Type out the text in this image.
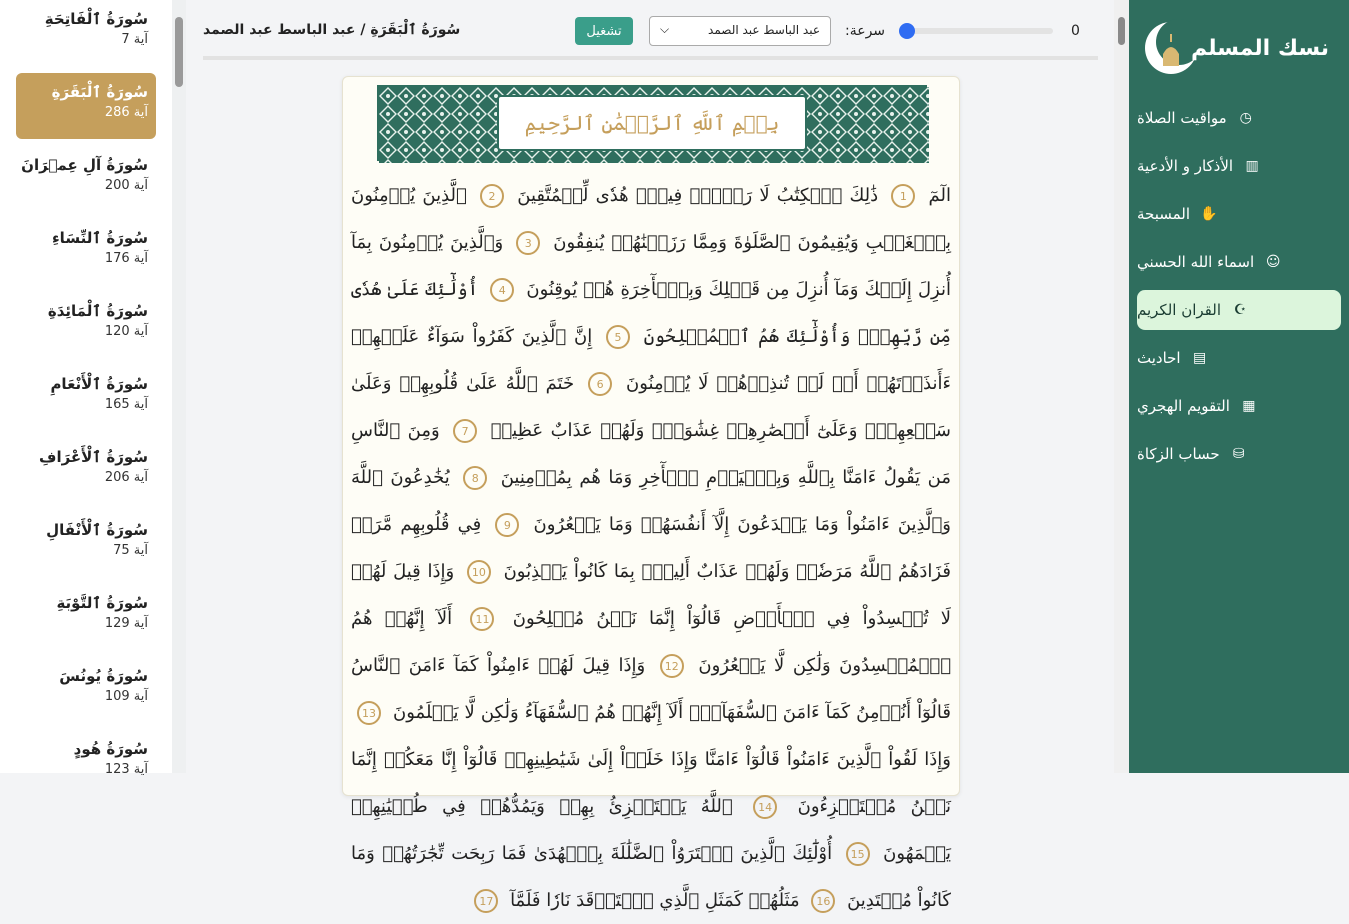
سُورَةُ ٱلْفَاتِحَةِ
آية 7
سُورَةُ ٱلْبَقَرَةِ
آية 286
سُورَةُ آلِ عِمۡرَانَ
آية 200
سُورَةُ ٱلنِّسَاءِ
آية 176
سُورَةُ ٱلْمَائِدَةِ
آية 120
سُورَةُ ٱلْأَنْعَامِ
آية 165
سُورَةُ ٱلْأَعْرَافِ
آية 206
سُورَةُ ٱلْأَنْفَالِ
آية 75
سُورَةُ ٱلتَّوْبَةِ
آية 129
سُورَةُ يُونُسَ
آية 109
سُورَةُ هُودٍ
آية 123
سُورَةُ ٱلْبَقَرَةِ / عبد الباسط عبد الصمد	تشغيل	عبد الباسط عبد الصمد
⌵	سرعة:	0
بِسۡمِ ٱللَّهِ ٱلرَّحۡمَٰنِ ٱلرَّحِيمِ
الٓمٓ 1 ذَٰلِكَ ٱلۡكِتَٰبُ لَا رَيۡبَۛ فِيهِۛ هُدٗى لِّلۡمُتَّقِينَ 2 ٱلَّذِينَ يُؤۡمِنُونَ بِٱلۡغَيۡبِ وَيُقِيمُونَ ٱلصَّلَوٰةَ وَمِمَّا رَزَقۡنَٰهُمۡ يُنفِقُونَ 3 وَٱلَّذِينَ يُؤۡمِنُونَ بِمَآ أُنزِلَ إِلَيۡكَ وَمَآ أُنزِلَ مِن قَبۡلِكَ وَبِٱلۡأٓخِرَةِ هُمۡ يُوقِنُونَ 4 أُوْلَٰٓئِكَ عَلَىٰ هُدٗى مِّن رَّبِّهِمۡۖ وَأُوْلَٰٓئِكَ هُمُ ٱلۡمُفۡلِحُونَ 5 إِنَّ ٱلَّذِينَ كَفَرُواْ سَوَآءٌ عَلَيۡهِمۡ ءَأَنذَرۡتَهُمۡ أَمۡ لَمۡ تُنذِرۡهُمۡ لَا يُؤۡمِنُونَ 6 خَتَمَ ٱللَّهُ عَلَىٰ قُلُوبِهِمۡ وَعَلَىٰ سَمۡعِهِمۡۖ وَعَلَىٰٓ أَبۡصَٰرِهِمۡ غِشَٰوَةٞۖ وَلَهُمۡ عَذَابٌ عَظِيمٞ 7 وَمِنَ ٱلنَّاسِ مَن يَقُولُ ءَامَنَّا بِٱللَّهِ وَبِٱلۡيَوۡمِ ٱلۡأٓخِرِ وَمَا هُم بِمُؤۡمِنِينَ 8 يُخَٰدِعُونَ ٱللَّهَ وَٱلَّذِينَ ءَامَنُواْ وَمَا يَخۡدَعُونَ إِلَّآ أَنفُسَهُمۡ وَمَا يَشۡعُرُونَ 9 فِي قُلُوبِهِم مَّرَضٞ فَزَادَهُمُ ٱللَّهُ مَرَضٗاۖ وَلَهُمۡ عَذَابٌ أَلِيمُۢ بِمَا كَانُواْ يَكۡذِبُونَ 10 وَإِذَا قِيلَ لَهُمۡ لَا تُفۡسِدُواْ فِي ٱلۡأَرۡضِ قَالُوٓاْ إِنَّمَا نَحۡنُ مُصۡلِحُونَ 11 أَلَآ إِنَّهُمۡ هُمُ ٱلۡمُفۡسِدُونَ وَلَٰكِن لَّا يَشۡعُرُونَ 12 وَإِذَا قِيلَ لَهُمۡ ءَامِنُواْ كَمَآ ءَامَنَ ٱلنَّاسُ قَالُوٓاْ أَنُؤۡمِنُ كَمَآ ءَامَنَ ٱلسُّفَهَآءُۗ أَلَآ إِنَّهُمۡ هُمُ ٱلسُّفَهَآءُ وَلَٰكِن لَّا يَعۡلَمُونَ 13 وَإِذَا لَقُواْ ٱلَّذِينَ ءَامَنُواْ قَالُوٓاْ ءَامَنَّا وَإِذَا خَلَوۡاْ إِلَىٰ شَيَٰطِينِهِمۡ قَالُوٓاْ إِنَّا مَعَكُمۡ إِنَّمَا نَحۡنُ مُسۡتَهۡزِءُونَ 14 ٱللَّهُ يَسۡتَهۡزِئُ بِهِمۡ وَيَمُدُّهُمۡ فِي طُغۡيَٰنِهِمۡ يَعۡمَهُونَ 15 أُوْلَٰٓئِكَ ٱلَّذِينَ ٱشۡتَرَوُاْ ٱلضَّلَٰلَةَ بِٱلۡهُدَىٰ فَمَا رَبِحَت تِّجَٰرَتُهُمۡ وَمَا كَانُواْ مُهۡتَدِينَ 16 مَثَلُهُمۡ كَمَثَلِ ٱلَّذِي ٱسۡتَوۡقَدَ نَارٗا فَلَمَّآ 17
نسك المسلم
◷
مواقيت الصلاة
▥
الأذكار و الأدعية
✋
المسبحة
☺
اسماء الله الحسني
☪
القران الكريم
▤
احاديث
▦
التقويم الهجري
⛁
حساب الزكاة
